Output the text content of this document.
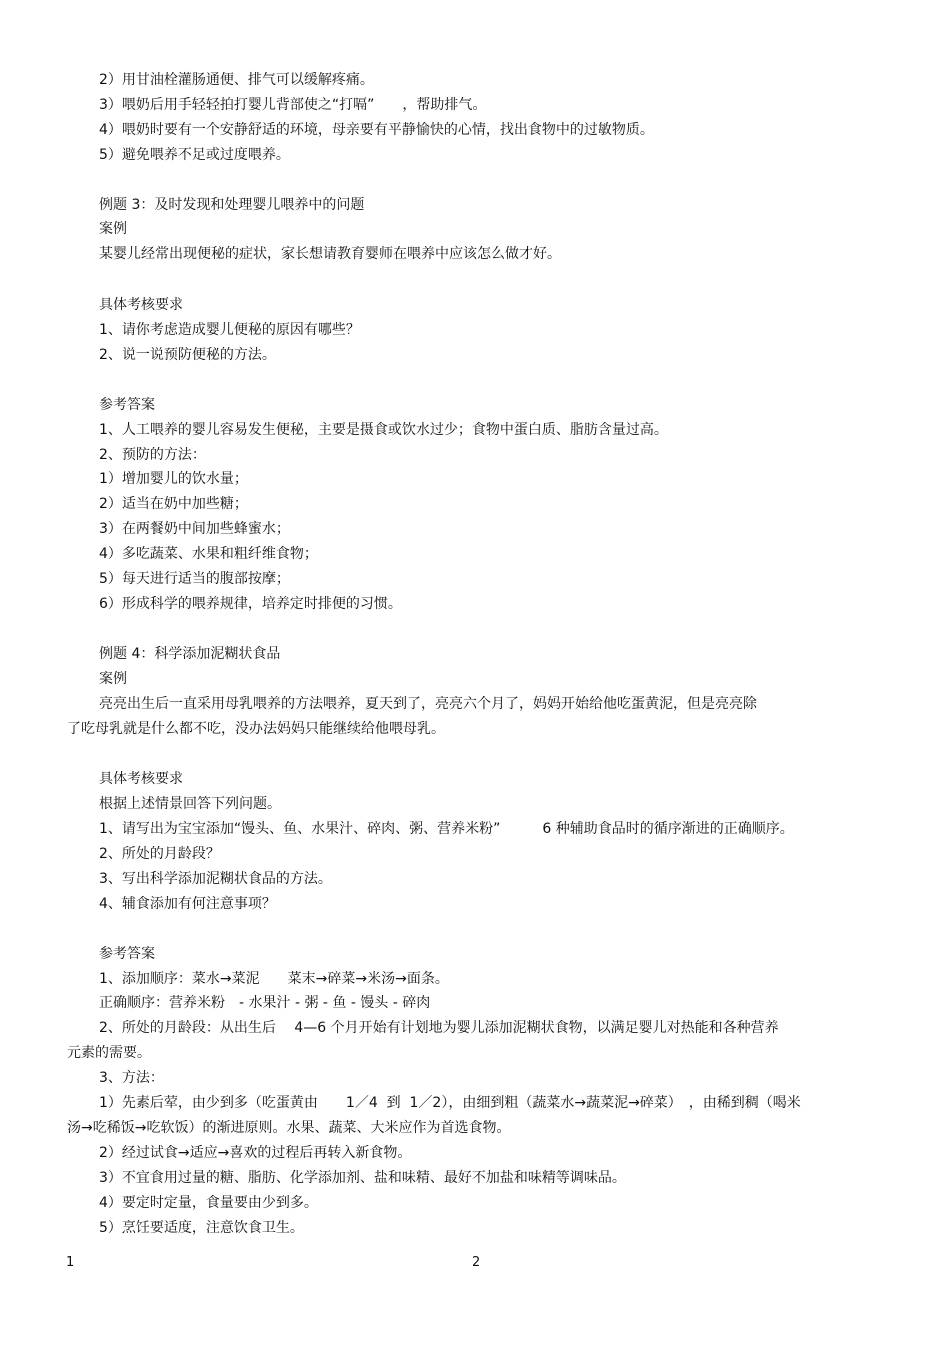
2）用甘油栓灌肠通便、排气可以缓解疼痛。

3）喂奶后用手轻轻拍打婴儿背部使之“打嗝”　　，帮助排气。

4）喂奶时要有一个安静舒适的环境，母亲要有平静愉快的心情，找出食物中的过敏物质。

5）避免喂养不足或过度喂养。

例题 3：及时发现和处理婴儿喂养中的问题

案例

某婴儿经常出现便秘的症状，家长想请教育婴师在喂养中应该怎么做才好。

具体考核要求

1、请你考虑造成婴儿便秘的原因有哪些？

2、说一说预防便秘的方法。

参考答案

1、人工喂养的婴儿容易发生便秘，主要是摄食或饮水过少；食物中蛋白质、脂肪含量过高。

2、预防的方法：

1）增加婴儿的饮水量；

2）适当在奶中加些糖；

3）在两餐奶中间加些蜂蜜水；

4）多吃蔬菜、水果和粗纤维食物；

5）每天进行适当的腹部按摩；

6）形成科学的喂养规律，培养定时排便的习惯。

例题 4：科学添加泥糊状食品

案例

亮亮出生后一直采用母乳喂养的方法喂养，夏天到了，亮亮六个月了，妈妈开始给他吃蛋黄泥，但是亮亮除

了吃母乳就是什么都不吃，没办法妈妈只能继续给他喂母乳。

具体考核要求

根据上述情景回答下列问题。

1、请写出为宝宝添加“馒头、鱼、水果汁、碎肉、粥、营养米粉”　　　6 种辅助食品时的循序渐进的正确顺序。

2、所处的月龄段？

3、写出科学添加泥糊状食品的方法。

4、辅食添加有何注意事项？

参考答案

1、添加顺序：菜水→菜泥　　菜末→碎菜→米汤→面条。

正确顺序：营养米粉　- 水果汁 - 粥 - 鱼 - 馒头 - 碎肉

2、所处的月龄段：从出生后　 4—6 个月开始有计划地为婴儿添加泥糊状食物，以满足婴儿对热能和各种营养

元素的需要。

3、方法：

1）先素后荤，由少到多（吃蛋黄由　　1／4  到  1／2），由细到粗（蔬菜水→蔬菜泥→碎菜）　，由稀到稠（喝米

汤→吃稀饭→吃软饭）的渐进原则。水果、蔬菜、大米应作为首选食物。

2）经过试食→适应→喜欢的过程后再转入新食物。

3）不宜食用过量的糖、脂肪、化学添加剂、盐和味精、最好不加盐和味精等调味品。

4）要定时定量，食量要由少到多。

5）烹饪要适度，注意饮食卫生。

1	2
